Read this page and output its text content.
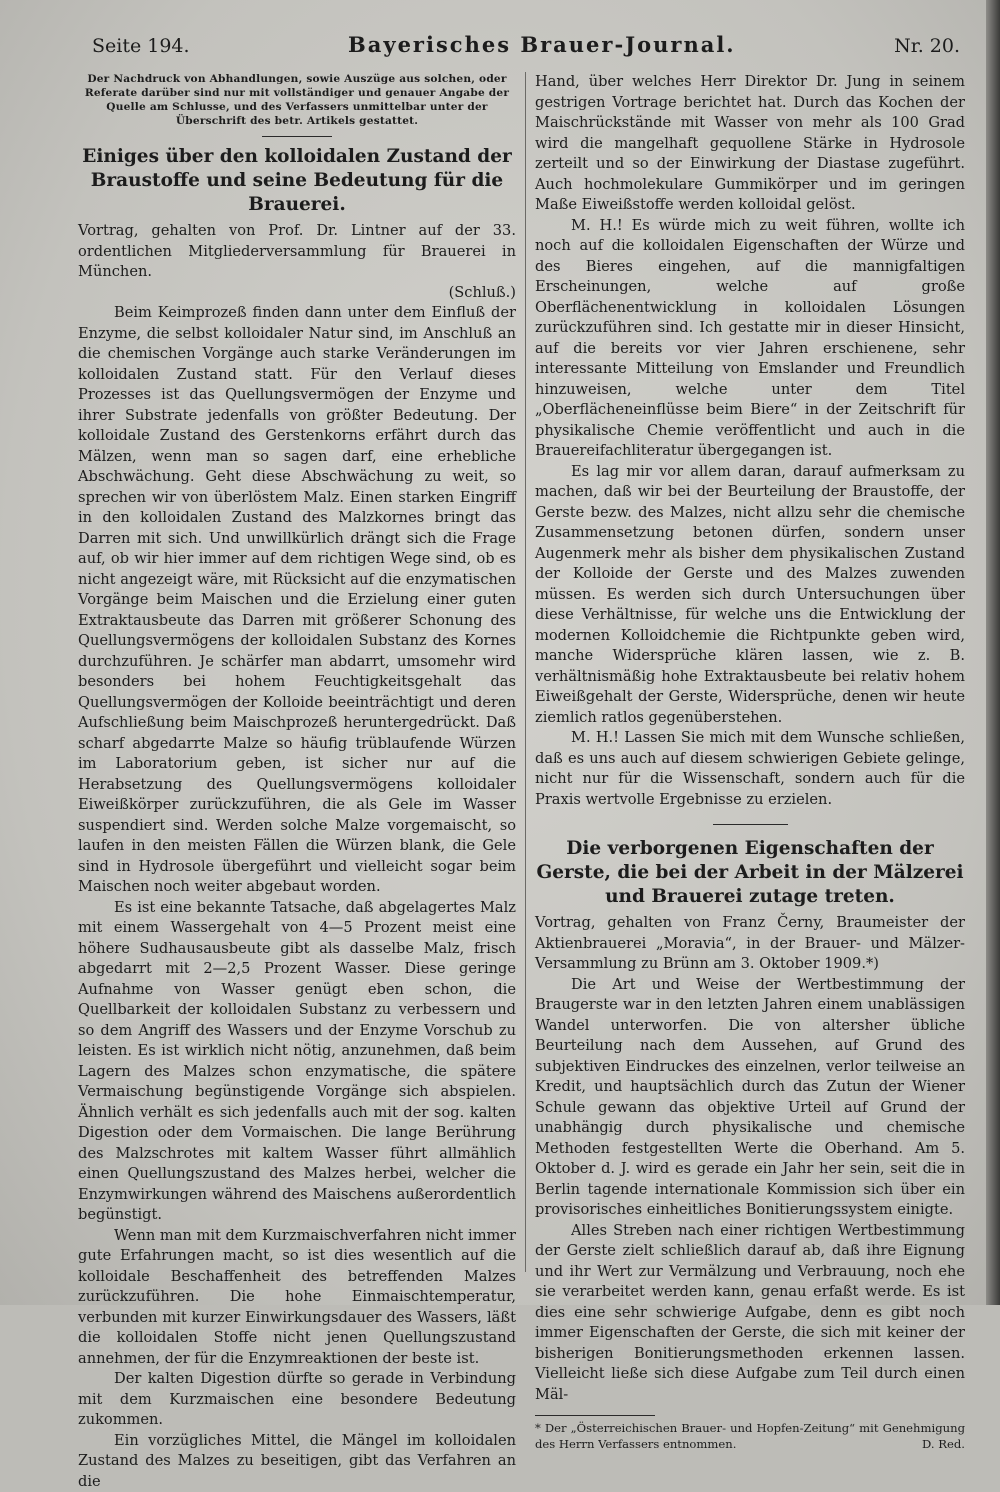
Seite 194.	Bayerisches Brauer-Journal.	Nr. 20.
Der Nachdruck von Abhandlungen, sowie Auszüge aus solchen, oder Referate darüber sind nur mit vollständiger und genauer Angabe der Quelle am Schlusse, und des Verfassers unmittelbar unter der Überschrift des betr. Artikels gestattet.
Einiges über den kolloidalen Zustand der Braustoffe und seine Bedeutung für die Brauerei.

Vortrag, gehalten von Prof. Dr. Lintner auf der 33. ordentlichen Mitgliederversammlung für Brauerei in München.

(Schluß.)

Beim Keimprozeß finden dann unter dem Einfluß der Enzyme, die selbst kolloidaler Natur sind, im Anschluß an die chemischen Vorgänge auch starke Veränderungen im kolloidalen Zustand statt. Für den Verlauf dieses Prozesses ist das Quellungsvermögen der Enzyme und ihrer Substrate jedenfalls von größter Bedeutung. Der kolloidale Zustand des Gerstenkorns erfährt durch das Mälzen, wenn man so sagen darf, eine erhebliche Abschwächung. Geht diese Abschwächung zu weit, so sprechen wir von überlöstem Malz. Einen starken Eingriff in den kolloidalen Zustand des Malzkornes bringt das Darren mit sich. Und unwillkürlich drängt sich die Frage auf, ob wir hier immer auf dem richtigen Wege sind, ob es nicht angezeigt wäre, mit Rücksicht auf die enzymatischen Vorgänge beim Maischen und die Erzielung einer guten Extraktausbeute das Darren mit größerer Schonung des Quellungsvermögens der kolloidalen Substanz des Kornes durchzuführen. Je schärfer man abdarrt, umsomehr wird besonders bei hohem Feuchtigkeitsgehalt das Quellungsvermögen der Kolloide beeinträchtigt und deren Aufschließung beim Maischprozeß heruntergedrückt. Daß scharf abgedarrte Malze so häufig trüblaufende Würzen im Laboratorium geben, ist sicher nur auf die Herabsetzung des Quellungsvermögens kolloidaler Eiweißkörper zurückzuführen, die als Gele im Wasser suspendiert sind. Werden solche Malze vorgemaischt, so laufen in den meisten Fällen die Würzen blank, die Gele sind in Hydrosole übergeführt und vielleicht sogar beim Maischen noch weiter abgebaut worden.

Es ist eine bekannte Tatsache, daß abgelagertes Malz mit einem Wassergehalt von 4—5 Prozent meist eine höhere Sudhausausbeute gibt als dasselbe Malz, frisch abgedarrt mit 2—2,5 Prozent Wasser. Diese geringe Aufnahme von Wasser genügt eben schon, die Quellbarkeit der kolloidalen Substanz zu verbessern und so dem Angriff des Wassers und der Enzyme Vorschub zu leisten. Es ist wirklich nicht nötig, anzunehmen, daß beim Lagern des Malzes schon enzymatische, die spätere Vermaischung begünstigende Vorgänge sich abspielen. Ähnlich verhält es sich jedenfalls auch mit der sog. kalten Digestion oder dem Vormaischen. Die lange Berührung des Malzschrotes mit kaltem Wasser führt allmählich einen Quellungszustand des Malzes herbei, welcher die Enzymwirkungen während des Maischens außerordentlich begünstigt.

Wenn man mit dem Kurzmaischverfahren nicht immer gute Erfahrungen macht, so ist dies wesentlich auf die kolloidale Beschaffenheit des betreffenden Malzes zurückzuführen. Die hohe Einmaischtemperatur, verbunden mit kurzer Einwirkungsdauer des Wassers, läßt die kolloidalen Stoffe nicht jenen Quellungszustand annehmen, der für die Enzymreaktionen der beste ist.

Der kalten Digestion dürfte so gerade in Verbindung mit dem Kurzmaischen eine besondere Bedeutung zukommen.

Ein vorzügliches Mittel, die Mängel im kolloidalen Zustand des Malzes zu beseitigen, gibt das Verfahren an die

Hand, über welches Herr Direktor Dr. Jung in seinem gestrigen Vortrage berichtet hat. Durch das Kochen der Maischrückstände mit Wasser von mehr als 100 Grad wird die mangelhaft gequollene Stärke in Hydrosole zerteilt und so der Einwirkung der Diastase zugeführt. Auch hochmolekulare Gummikörper und im geringen Maße Eiweißstoffe werden kolloidal gelöst.

M. H.! Es würde mich zu weit führen, wollte ich noch auf die kolloidalen Eigenschaften der Würze und des Bieres eingehen, auf die mannigfaltigen Erscheinungen, welche auf große Oberflächenentwicklung in kolloidalen Lösungen zurückzuführen sind. Ich gestatte mir in dieser Hinsicht, auf die bereits vor vier Jahren erschienene, sehr interessante Mitteilung von Emslander und Freundlich hinzuweisen, welche unter dem Titel „Oberflächeneinflüsse beim Biere“ in der Zeitschrift für physikalische Chemie veröffentlicht und auch in die Brauereifachliteratur übergegangen ist.

Es lag mir vor allem daran, darauf aufmerksam zu machen, daß wir bei der Beurteilung der Braustoffe, der Gerste bezw. des Malzes, nicht allzu sehr die chemische Zusammensetzung betonen dürfen, sondern unser Augenmerk mehr als bisher dem physikalischen Zustand der Kolloide der Gerste und des Malzes zuwenden müssen. Es werden sich durch Untersuchungen über diese Verhältnisse, für welche uns die Entwicklung der modernen Kolloidchemie die Richtpunkte geben wird, manche Widersprüche klären lassen, wie z. B. verhältnismäßig hohe Extraktausbeute bei relativ hohem Eiweißgehalt der Gerste, Widersprüche, denen wir heute ziemlich ratlos gegenüberstehen.

M. H.! Lassen Sie mich mit dem Wunsche schließen, daß es uns auch auf diesem schwierigen Gebiete gelinge, nicht nur für die Wissenschaft, sondern auch für die Praxis wertvolle Ergebnisse zu erzielen.

Die verborgenen Eigenschaften der Gerste, die bei der Arbeit in der Mälzerei und Brauerei zutage treten.

Vortrag, gehalten von Franz Černy, Braumeister der Aktienbrauerei „Moravia“, in der Brauer- und Mälzer-Versammlung zu Brünn am 3. Oktober 1909.*)

Die Art und Weise der Wertbestimmung der Braugerste war in den letzten Jahren einem unablässigen Wandel unterworfen. Die von altersher übliche Beurteilung nach dem Aussehen, auf Grund des subjektiven Eindruckes des einzelnen, verlor teilweise an Kredit, und hauptsächlich durch das Zutun der Wiener Schule gewann das objektive Urteil auf Grund der unabhängig durch physikalische und chemische Methoden festgestellten Werte die Oberhand. Am 5. Oktober d. J. wird es gerade ein Jahr her sein, seit die in Berlin tagende internationale Kommission sich über ein provisorisches einheitliches Bonitierungssystem einigte.

Alles Streben nach einer richtigen Wertbestimmung der Gerste zielt schließlich darauf ab, daß ihre Eignung und ihr Wert zur Vermälzung und Verbrauung, noch ehe sie verarbeitet werden kann, genau erfaßt werde. Es ist dies eine sehr schwierige Aufgabe, denn es gibt noch immer Eigenschaften der Gerste, die sich mit keiner der bisherigen Bonitierungsmethoden erkennen lassen. Vielleicht ließe sich diese Aufgabe zum Teil durch einen Mäl-

* Der „Österreichischen Brauer- und Hopfen-Zeitung“ mit Genehmigung des Herrn Verfassers entnommen.	D. Red.
